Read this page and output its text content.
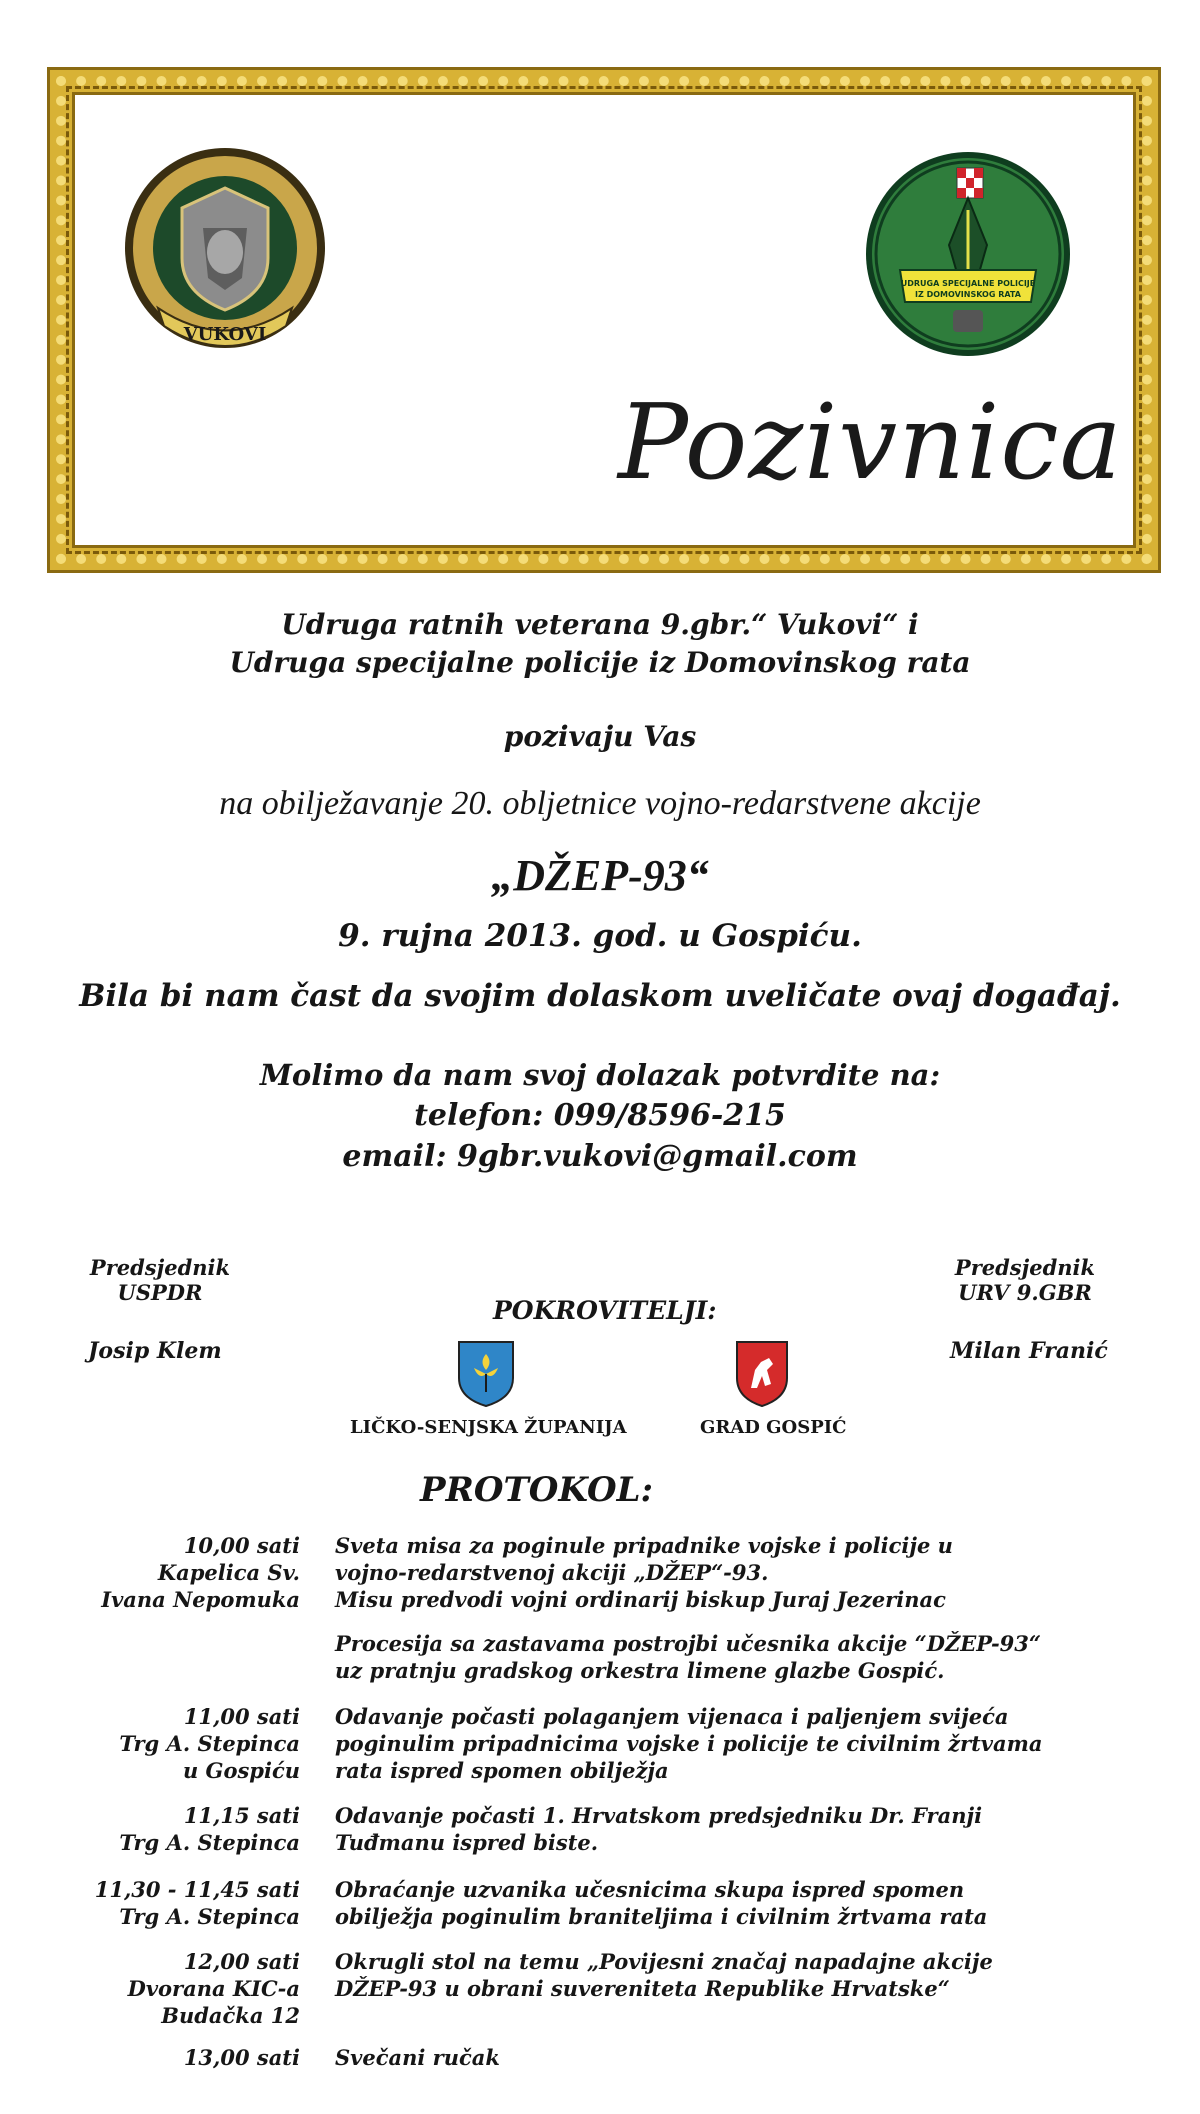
VUKOVI
UDRUGA SPECIJALNE POLICIJE
IZ DOMOVINSKOG RATA
Pozivnica
Udruga ratnih veterana 9.gbr.“ Vukovi“ i
Udruga specijalne policije iz Domovinskog rata
pozivaju Vas
na obilježavanje 20. obljetnice vojno-redarstvene akcije
„DŽEP-93“
9. rujna 2013. god. u Gospiću.
Bila bi nam čast da svojim dolaskom uveličate ovaj događaj.
Molimo da nam svoj dolazak potvrdite na:
telefon: 099/8596-215
email: 9gbr.vukovi@gmail.com
Predsjednik
USPDR
Josip Klem
Predsjednik
URV 9.GBR
Milan Franić
POKROVITELJI:
LIČKO-SENJSKA ŽUPANIJA	GRAD GOSPIĆ
PROTOKOL:
10,00 sati
Kapelica Sv.
Ivana Nepomuka
Sveta misa za poginule pripadnike vojske i policije u
vojno-redarstvenoj akciji „DŽEP“-93.
Misu predvodi vojni ordinarij biskup Juraj Jezerinac
Procesija sa zastavama postrojbi učesnika akcije “DŽEP-93“
uz pratnju gradskog orkestra limene glazbe Gospić.
11,00 sati
Trg A. Stepinca
u Gospiću
Odavanje počasti polaganjem vijenaca i paljenjem svijeća
poginulim pripadnicima vojske i policije te civilnim žrtvama
rata ispred spomen obilježja
11,15 sati
Trg A. Stepinca
Odavanje počasti 1. Hrvatskom predsjedniku Dr. Franji
Tuđmanu ispred biste.
11,30 - 11,45 sati
Trg A. Stepinca
Obraćanje uzvanika učesnicima skupa ispred spomen
obilježja poginulim braniteljima i civilnim žrtvama rata
12,00 sati
Dvorana KIC-a
Budačka 12
Okrugli stol na temu „Povijesni značaj napadajne akcije
DŽEP-93 u obrani suvereniteta Republike Hrvatske“
13,00 sati Svečani ručak
